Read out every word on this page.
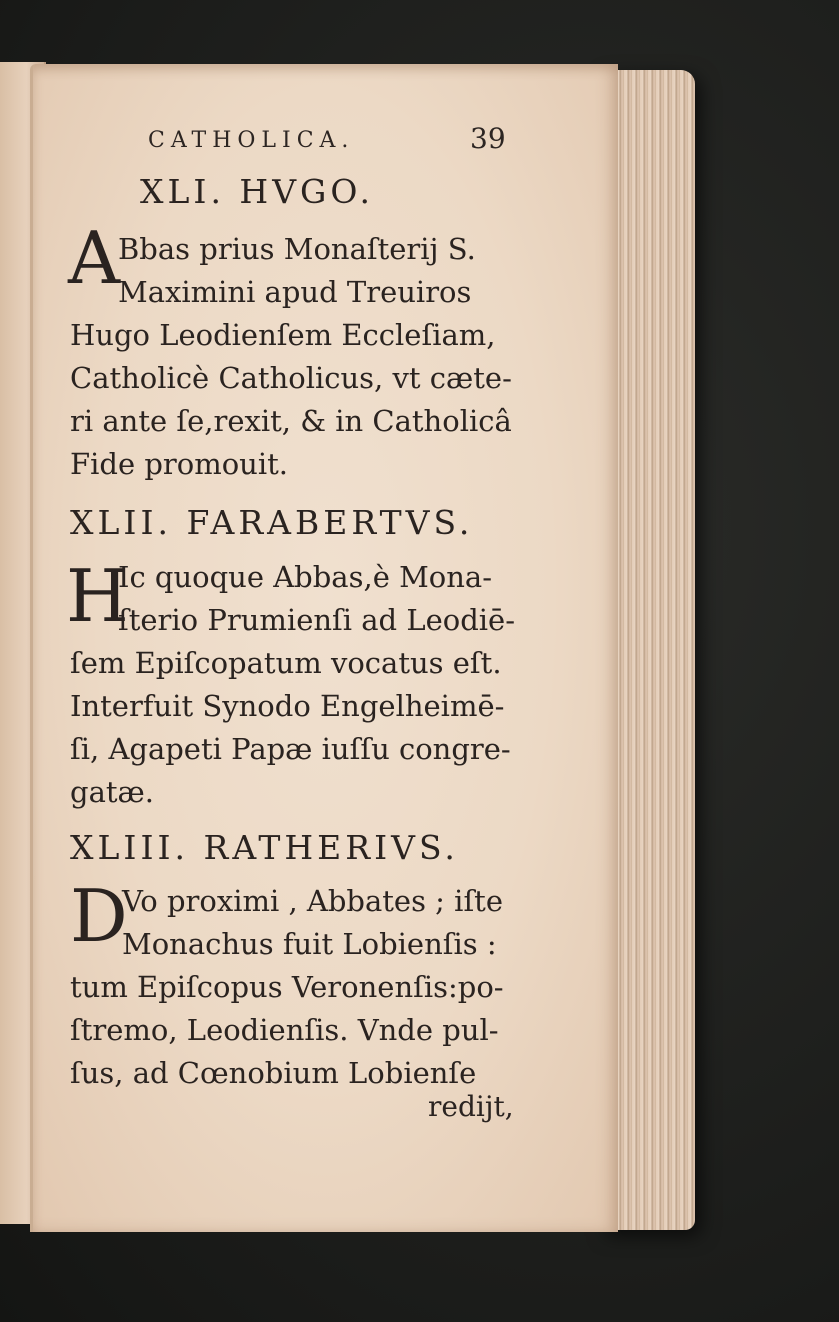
CATHOLICA.	39
XLI. HVGO.
A
Bbas prius Monaſterij S.
Maximini apud Treuiros
Hugo Leodienſem Eccleſiam,
Catholicè Catholicus, vt cæte-
ri ante ſe,rexit, & in Catholicâ
Fide promouit.
XLII. FARABERTVS.
H
Ic quoque Abbas,è Mona-
ſterio Prumienſi ad Leodiē-
ſem Epiſcopatum vocatus eſt.
Interfuit Synodo Engelheimē-
ſi, Agapeti Papæ iuſſu congre-
gatæ.
XLIII. RATHERIVS.
D
Vo proximi , Abbates ; iſte
Monachus fuit Lobienſis :
tum Epiſcopus Veronenſis:po-
ſtremo, Leodienſis. Vnde pul-
ſus, ad Cœnobium Lobienſe
redijt,
